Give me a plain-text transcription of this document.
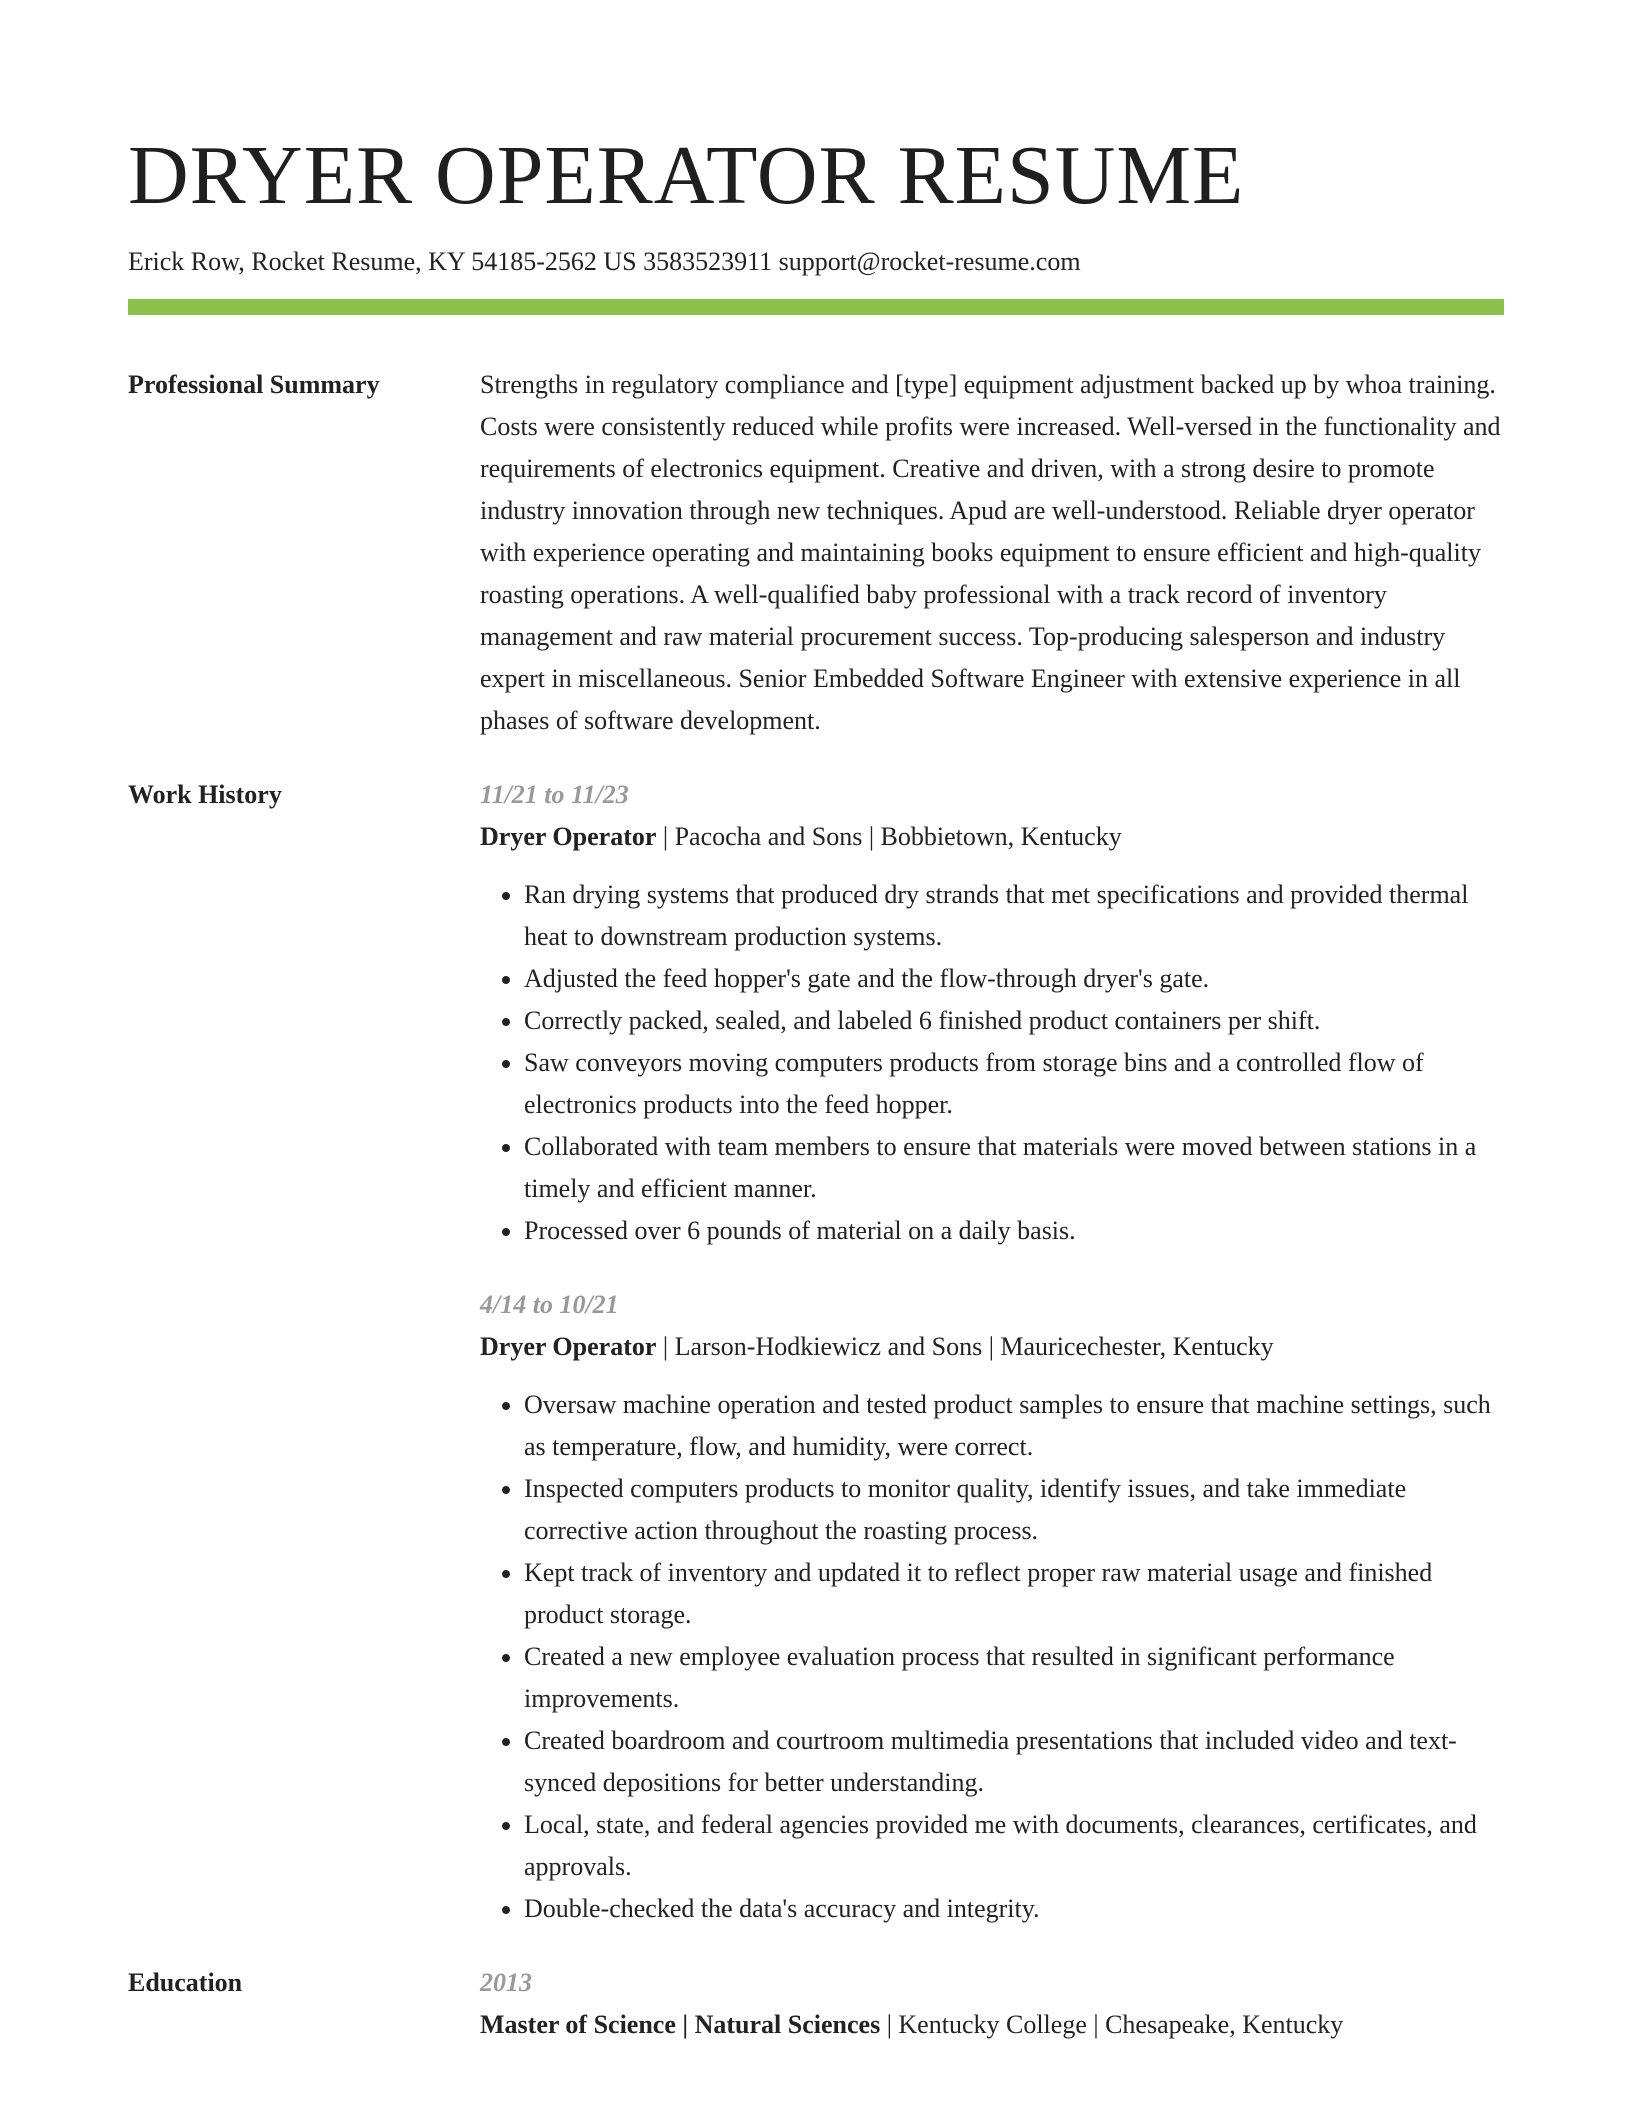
DRYER OPERATOR RESUME
Erick Row, Rocket Resume, KY 54185-2562 US 3583523911 support@rocket-resume.com
Professional Summary	Strengths in regulatory compliance and [type] equipment adjustment backed up by whoa training. Costs were consistently reduced while profits were increased. Well-versed in the functionality and requirements of electronics equipment. Creative and driven, with a strong desire to promote industry innovation through new techniques. Apud are well-understood. Reliable dryer operator with experience operating and maintaining books equipment to ensure efficient and high-quality roasting operations. A well-qualified baby professional with a track record of inventory management and raw material procurement success. Top-producing salesperson and industry expert in miscellaneous. Senior Embedded Software Engineer with extensive experience in all phases of software development.

Work History	11/21 to 11/23
Dryer Operator | Pacocha and Sons | Bobbietown, Kentucky
• Ran drying systems that produced dry strands that met specifications and provided thermal heat to downstream production systems.
• Adjusted the feed hopper's gate and the flow-through dryer's gate.
• Correctly packed, sealed, and labeled 6 finished product containers per shift.
• Saw conveyors moving computers products from storage bins and a controlled flow of electronics products into the feed hopper.
• Collaborated with team members to ensure that materials were moved between stations in a timely and efficient manner.
• Processed over 6 pounds of material on a daily basis.
4/14 to 10/21
Dryer Operator | Larson-Hodkiewicz and Sons | Mauricechester, Kentucky
• Oversaw machine operation and tested product samples to ensure that machine settings, such as temperature, flow, and humidity, were correct.
• Inspected computers products to monitor quality, identify issues, and take immediate corrective action throughout the roasting process.
• Kept track of inventory and updated it to reflect proper raw material usage and finished product storage.
• Created a new employee evaluation process that resulted in significant performance improvements.
• Created boardroom and courtroom multimedia presentations that included video and text-synced depositions for better understanding.
• Local, state, and federal agencies provided me with documents, clearances, certificates, and approvals.
• Double-checked the data's accuracy and integrity.
Education	2013
Master of Science | Natural Sciences | Kentucky College | Chesapeake, Kentucky
